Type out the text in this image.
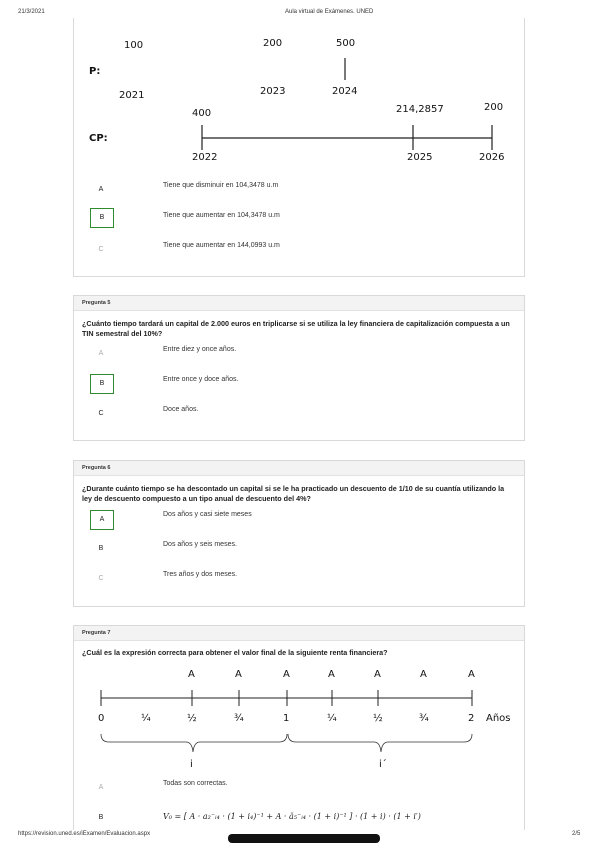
21/3/2021	Aula virtual de Exámenes. UNED
P:
CP:
100
2021
200
2023
500
2024
400
2022
214,2857
2025
200
2026
A
Tiene que disminuir en 104,3478 u.m
B	Tiene que aumentar en 104,3478 u.m
C
Tiene que aumentar en 144,0993 u.m
Pregunta 5
¿Cuánto tiempo tardará un capital de 2.000 euros en triplicarse si se utiliza la ley financiera de capitalización compuesta a un TIN semestral del 10%?
A
Entre diez y once años.
B
Entre once y doce años.
C
Doce años.
Pregunta 6
¿Durante cuánto tiempo se ha descontado un capital si se le ha practicado un descuento de 1/10 de su cuantía utilizando la ley de descuento compuesto a un tipo anual de descuento del 4%?
A
Dos años y casi siete meses
B
Dos años y seis meses.
C
Tres años y dos meses.
Pregunta 7
¿Cuál es la expresión correcta para obtener el valor final de la siguiente renta financiera?
A	A	A	A	A	A	A
0	¼	½	¾	1	¼	½	¾	2 Años
i	i´
A
Todas son correctas.
B	V₀ = [ A · a₂⁻ᵢ₄ · (1 + i₄)⁻¹ + A · ä₅⁻ᵢ₄ · (1 + i)⁻¹ ] · (1 + i) · (1 + i′)
https://revision.uned.es/iExamen/Evaluacion.aspx	2/5
